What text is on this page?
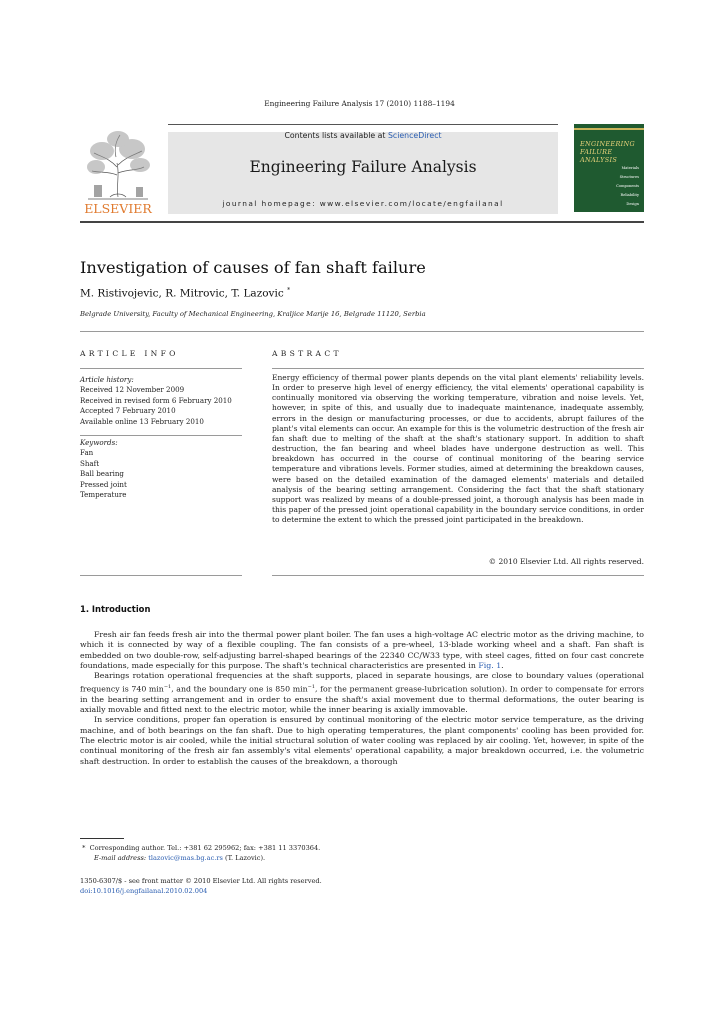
Engineering Failure Analysis 17 (2010) 1188–1194
ELSEVIER
Contents lists available at ScienceDirect
Engineering Failure Analysis
journal homepage: www.elsevier.com/locate/engfailanal
ENGINEERING
FAILURE
ANALYSIS
Materials
Structures
Components
Reliability
Design
Investigation of causes of fan shaft failure
M. Ristivojevic, R. Mitrovic, T. Lazovic *
Belgrade University, Faculty of Mechanical Engineering, Kraljice Marije 16, Belgrade 11120, Serbia
ARTICLE INFO
Article history:
Received 12 November 2009
Received in revised form 6 February 2010
Accepted 7 February 2010
Available online 13 February 2010
Keywords:
Fan
Shaft
Ball bearing
Pressed joint
Temperature
ABSTRACT
Energy efficiency of thermal power plants depends on the vital plant elements' reliability levels. In order to preserve high level of energy efficiency, the vital elements' operational capability is continually monitored via observing the working temperature, vibration and noise levels. Yet, however, in spite of this, and usually due to inadequate maintenance, inadequate assembly, errors in the design or manufacturing processes, or due to accidents, abrupt failures of the plant's vital elements can occur. An example for this is the volumetric destruction of the fresh air fan shaft due to melting of the shaft at the shaft's stationary support. In addition to shaft destruction, the fan bearing and wheel blades have undergone destruction as well. This breakdown has occurred in the course of continual monitoring of the bearing service temperature and vibrations levels. Former studies, aimed at determining the breakdown causes, were based on the detailed examination of the damaged elements' materials and detailed analysis of the bearing setting arrangement. Considering the fact that the shaft stationary support was realized by means of a double-pressed joint, a thorough analysis has been made in this paper of the pressed joint operational capability in the boundary service conditions, in order to determine the extent to which the pressed joint participated in the breakdown.
© 2010 Elsevier Ltd. All rights reserved.
1. Introduction

Fresh air fan feeds fresh air into the thermal power plant boiler. The fan uses a high-voltage AC electric motor as the driving machine, to which it is connected by way of a flexible coupling. The fan consists of a pre-wheel, 13-blade working wheel and a shaft. Fan shaft is embedded on two double-row, self-adjusting barrel-shaped bearings of the 22340 CC/W33 type, with steel cages, fitted on four cast concrete foundations, made especially for this purpose. The shaft's technical characteristics are presented in Fig. 1.

Bearings rotation operational frequencies at the shaft supports, placed in separate housings, are close to boundary values (operational frequency is 740 $\min^{-1}$, and the boundary one is 850 $\min^{-1}$, for the permanent grease-lubrication solution). In order to compensate for errors in the bearing setting arrangement and in order to ensure the shaft's axial movement due to thermal deformations, the outer bearing is axially movable and fitted next to the electric motor, while the inner bearing is axially immovable.

In service conditions, proper fan operation is ensured by continual monitoring of the electric motor service temperature, as the driving machine, and of both bearings on the fan shaft. Due to high operating temperatures, the plant components' cooling has been provided for. The electric motor is air cooled, while the initial structural solution of water cooling was replaced by air cooling. Yet, however, in spite of the continual monitoring of the fresh air fan assembly's vital elements' operational capability, a major breakdown occurred, i.e. the volumetric shaft destruction. In order to establish the causes of the breakdown, a thorough

* Corresponding author. Tel.: +381 62 295962; fax: +381 11 3370364.
E-mail address: tlazovic@mas.bg.ac.rs (T. Lazovic).
1350-6307/$ - see front matter © 2010 Elsevier Ltd. All rights reserved.
doi:10.1016/j.engfailanal.2010.02.004
